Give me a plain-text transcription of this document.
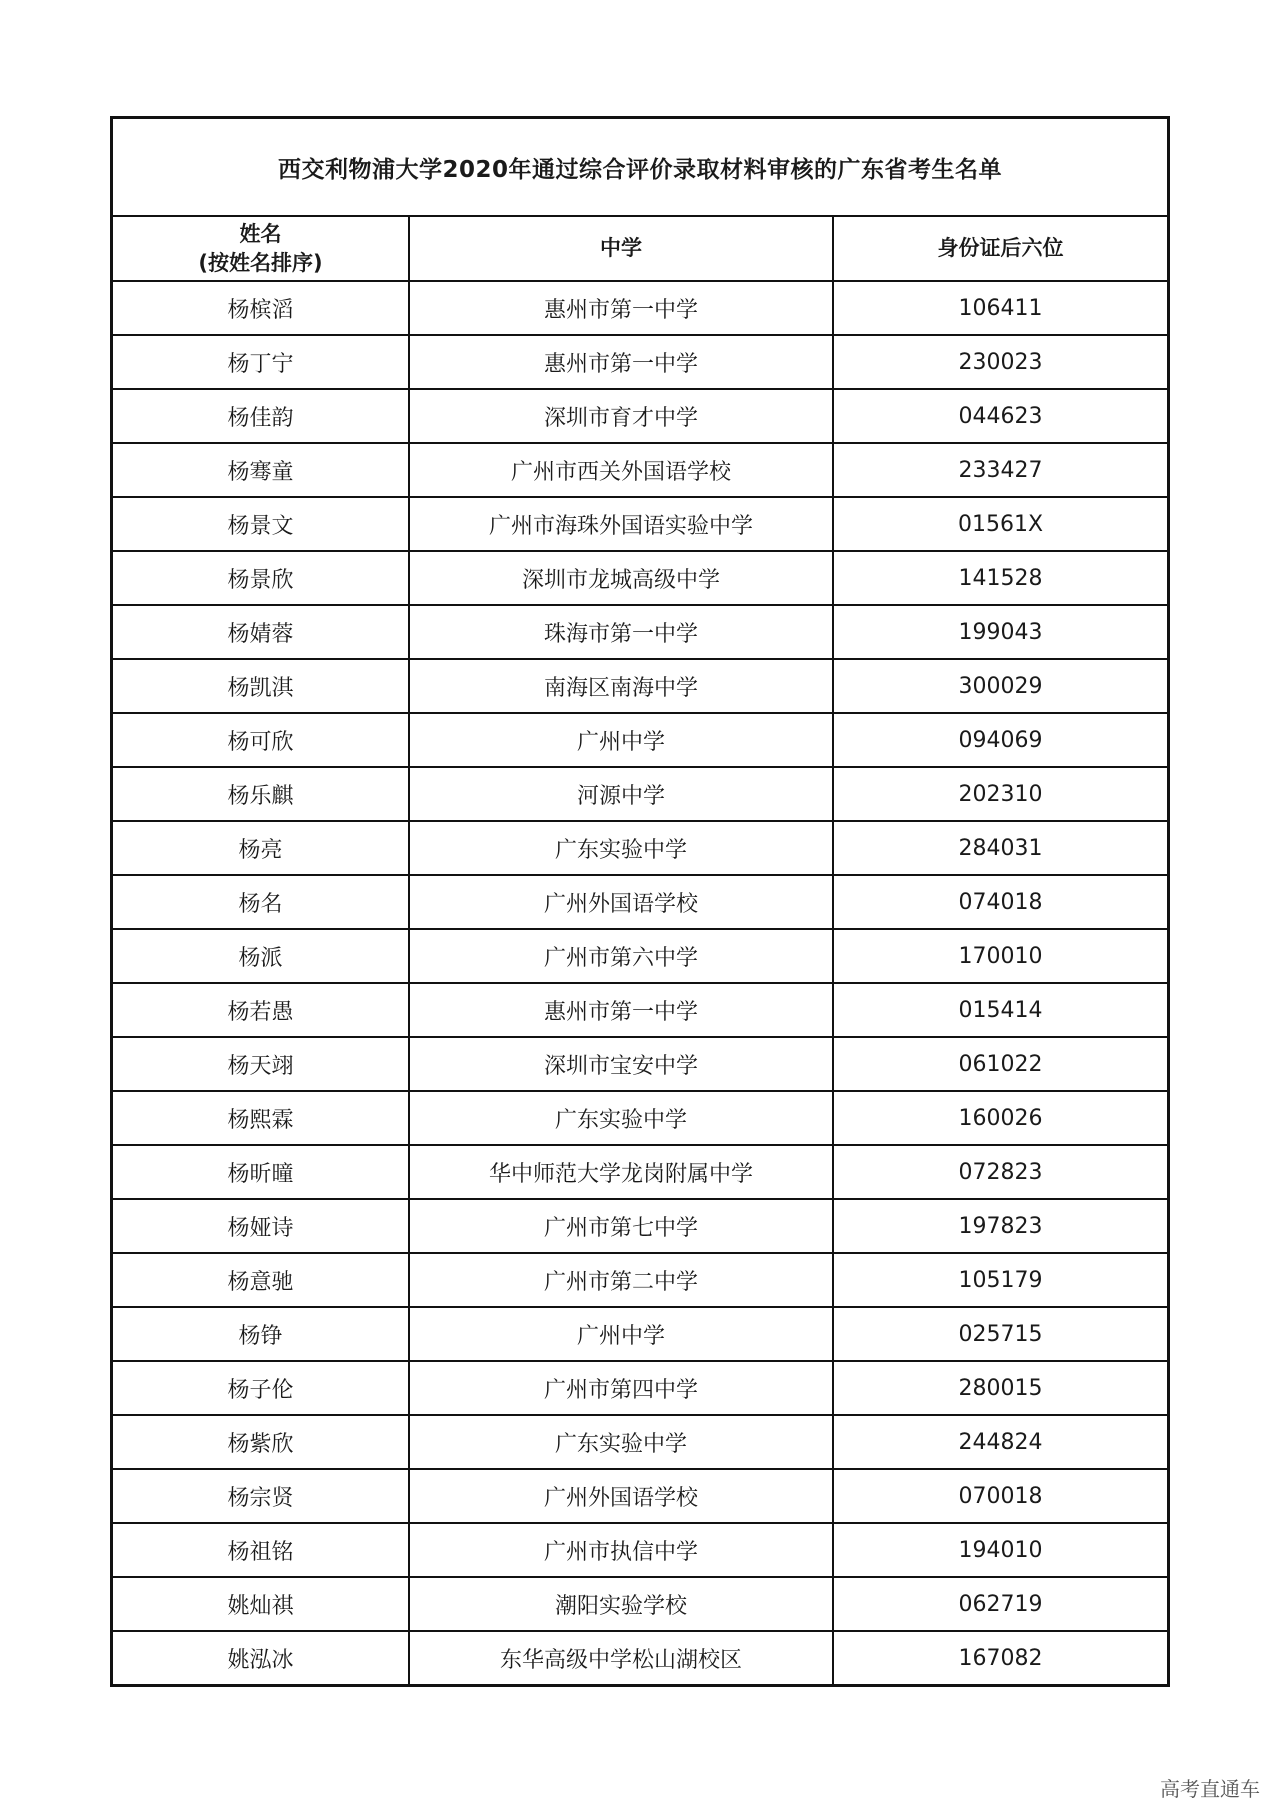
西交利物浦大学2020年通过综合评价录取材料审核的广东省考生名单
姓名
(按姓名排序)	中学	身份证后六位
杨槟滔	惠州市第一中学	106411
杨丁宁	惠州市第一中学	230023
杨佳韵	深圳市育才中学	044623
杨骞童	广州市西关外国语学校	233427
杨景文	广州市海珠外国语实验中学	01561X
杨景欣	深圳市龙城高级中学	141528
杨婧蓉	珠海市第一中学	199043
杨凯淇	南海区南海中学	300029
杨可欣	广州中学	094069
杨乐麒	河源中学	202310
杨亮	广东实验中学	284031
杨名	广州外国语学校	074018
杨派	广州市第六中学	170010
杨若愚	惠州市第一中学	015414
杨天翊	深圳市宝安中学	061022
杨熙霖	广东实验中学	160026
杨昕曈	华中师范大学龙岗附属中学	072823
杨娅诗	广州市第七中学	197823
杨意驰	广州市第二中学	105179
杨铮	广州中学	025715
杨子伦	广州市第四中学	280015
杨紫欣	广东实验中学	244824
杨宗贤	广州外国语学校	070018
杨祖铭	广州市执信中学	194010
姚灿祺	潮阳实验学校	062719
姚泓冰	东华高级中学松山湖校区	167082
高考直通车
